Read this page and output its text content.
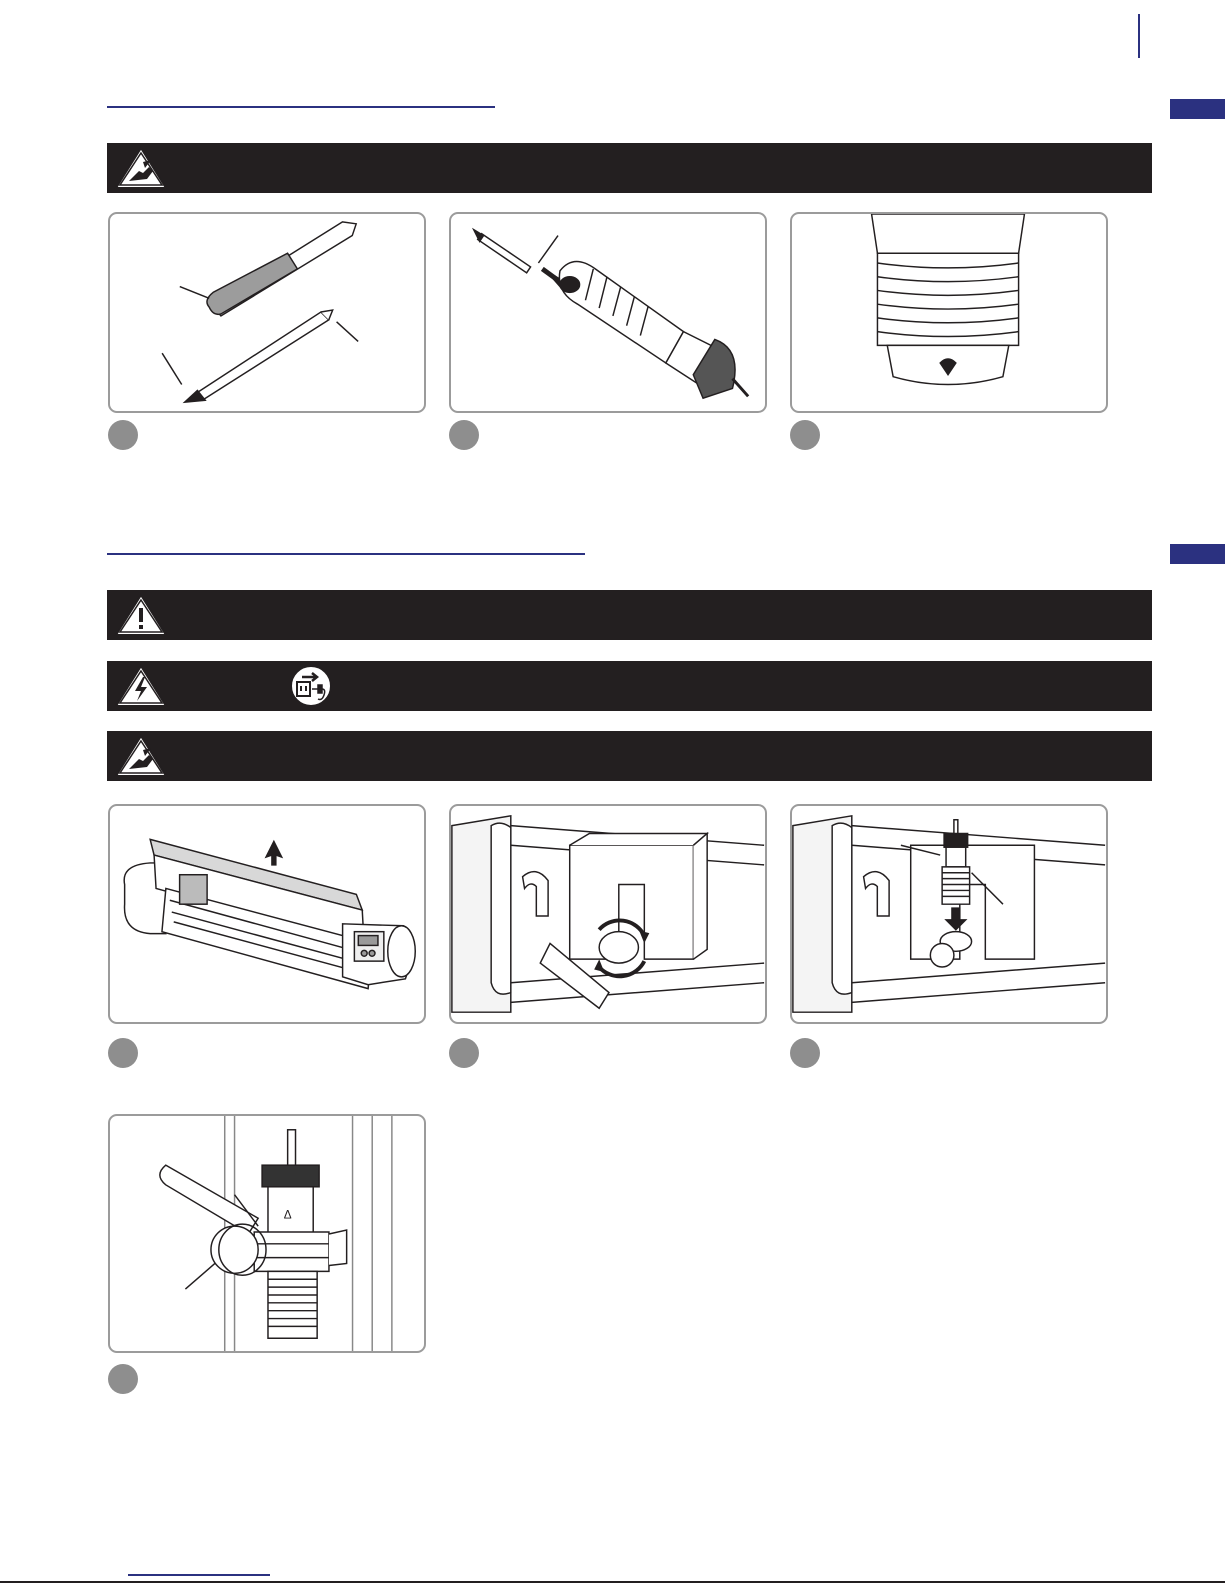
Δ
